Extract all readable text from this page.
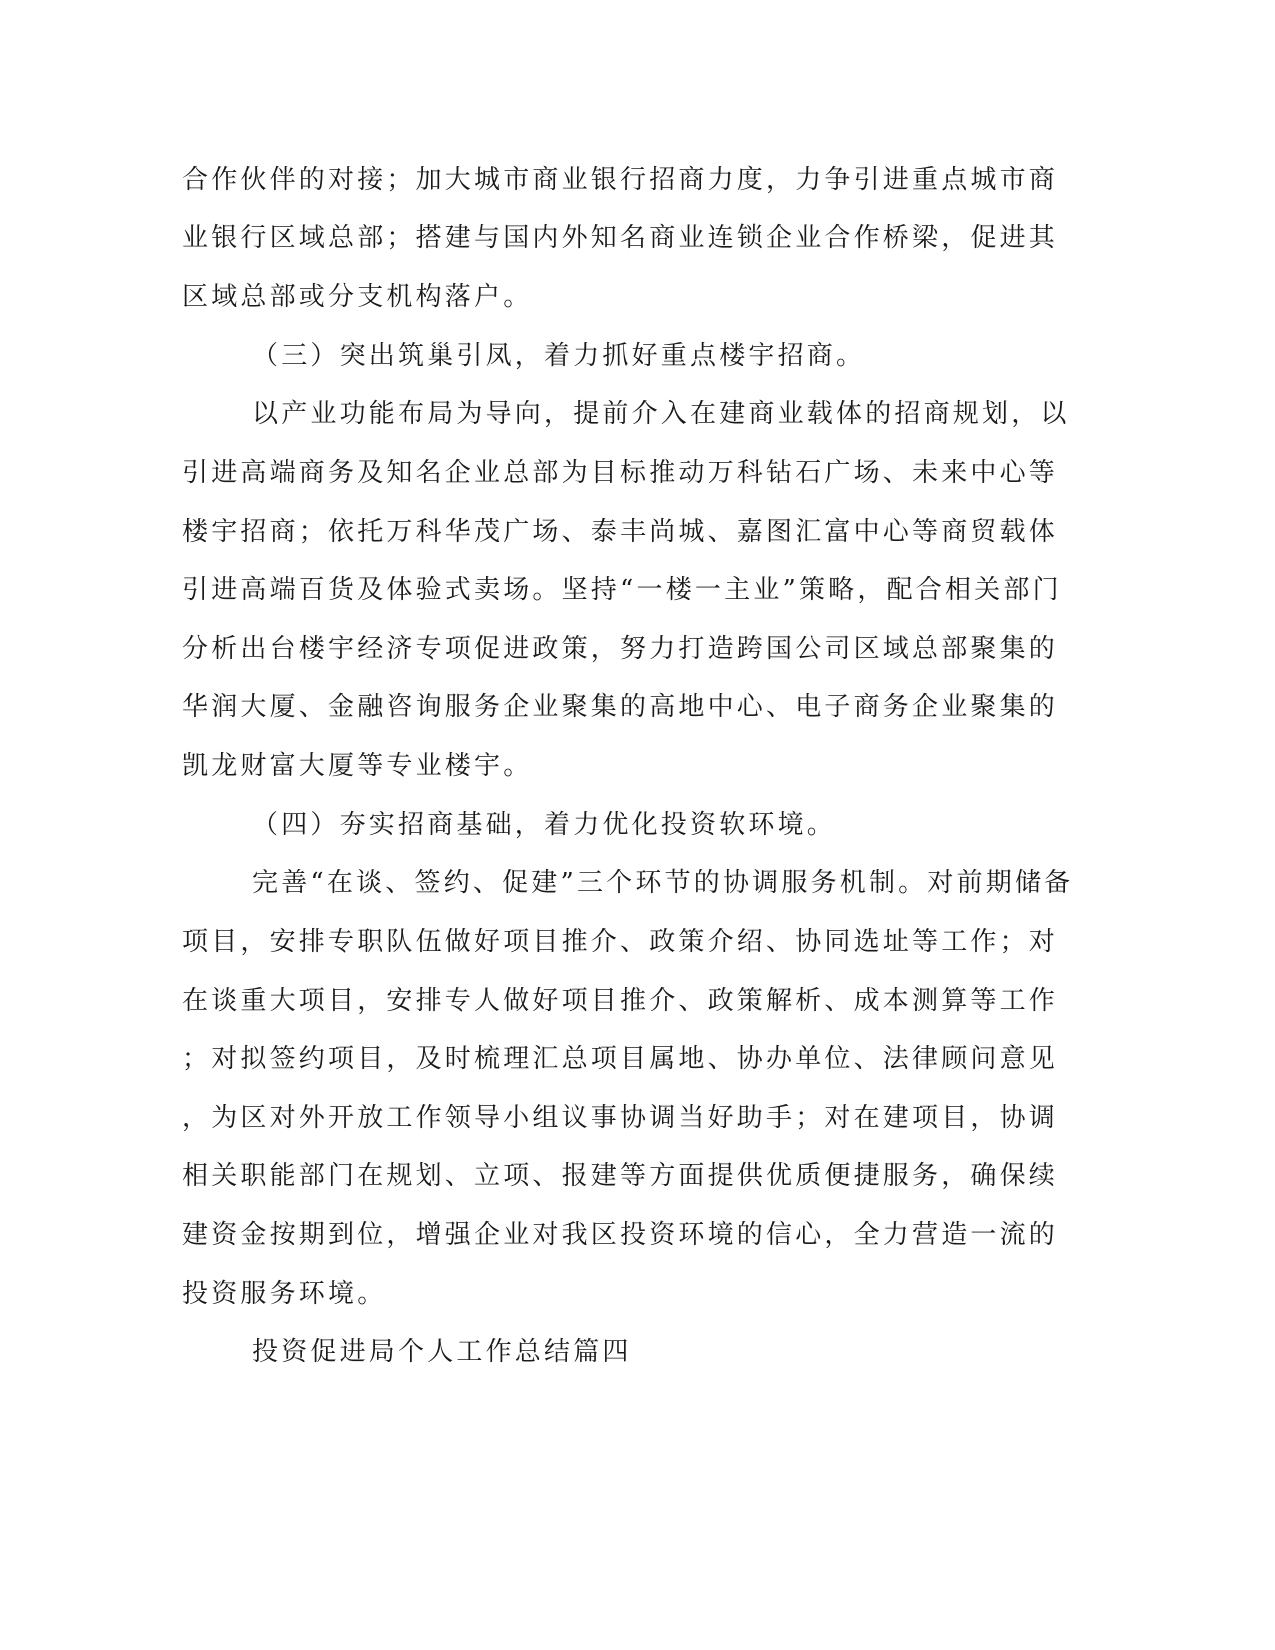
合作伙伴的对接；加大城市商业银行招商力度，力争引进重点城市商
业银行区域总部；搭建与国内外知名商业连锁企业合作桥梁，促进其
区域总部或分支机构落户。
（三）突出筑巢引凤，着力抓好重点楼宇招商。
以产业功能布局为导向，提前介入在建商业载体的招商规划，以
引进高端商务及知名企业总部为目标推动万科钻石广场、未来中心等
楼宇招商；依托万科华茂广场、泰丰尚城、嘉图汇富中心等商贸载体
引进高端百货及体验式卖场。坚持“一楼一主业”策略，配合相关部门
分析出台楼宇经济专项促进政策，努力打造跨国公司区域总部聚集的
华润大厦、金融咨询服务企业聚集的高地中心、电子商务企业聚集的
凯龙财富大厦等专业楼宇。
（四）夯实招商基础，着力优化投资软环境。
完善“在谈、签约、促建”三个环节的协调服务机制。对前期储备
项目，安排专职队伍做好项目推介、政策介绍、协同选址等工作；对
在谈重大项目，安排专人做好项目推介、政策解析、成本测算等工作
；对拟签约项目，及时梳理汇总项目属地、协办单位、法律顾问意见
，为区对外开放工作领导小组议事协调当好助手；对在建项目，协调
相关职能部门在规划、立项、报建等方面提供优质便捷服务，确保续
建资金按期到位，增强企业对我区投资环境的信心，全力营造一流的
投资服务环境。
投资促进局个人工作总结篇四
